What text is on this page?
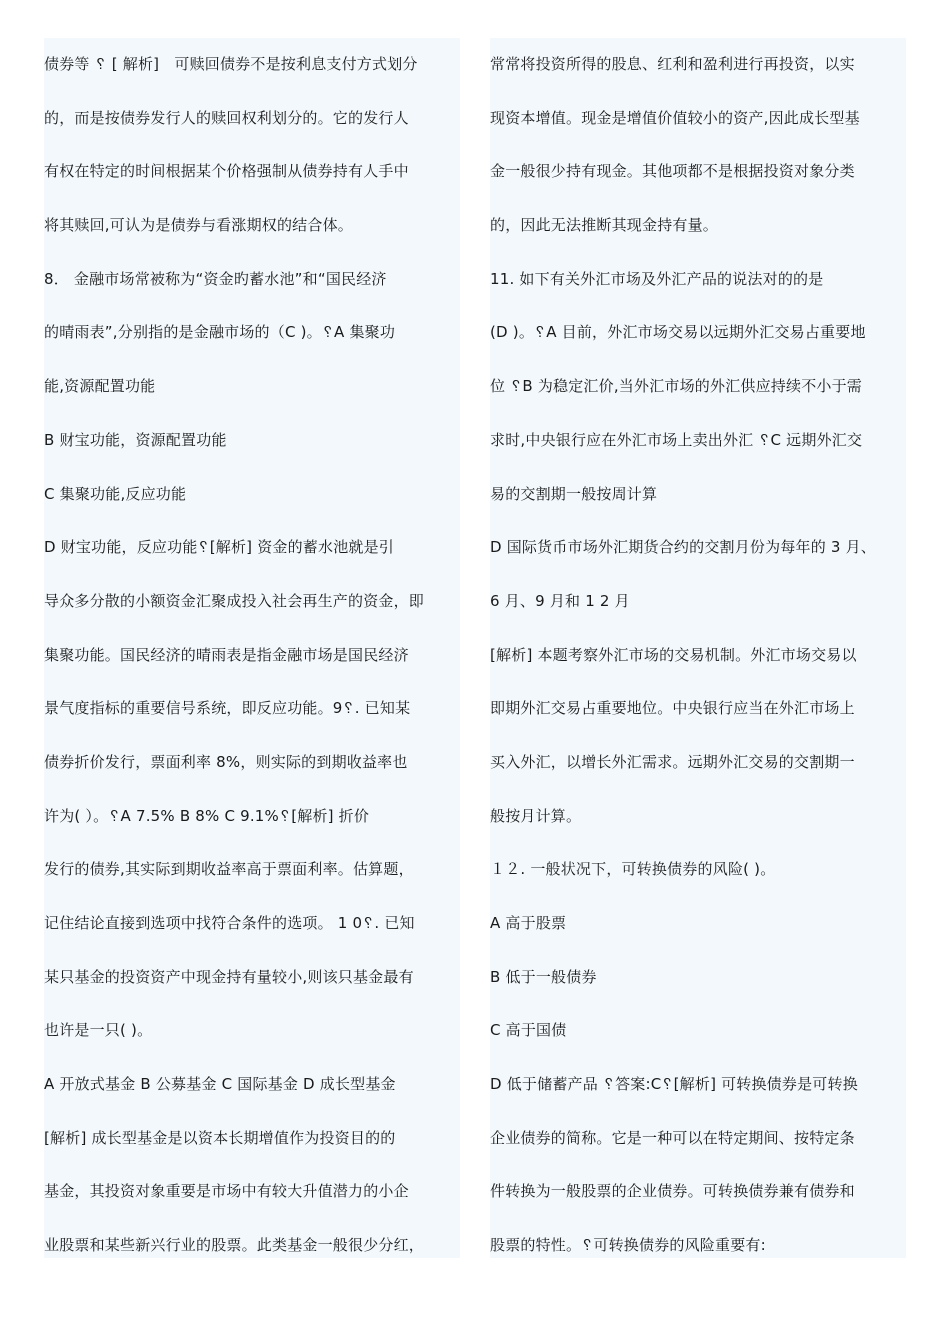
债券等 ␦ [ 解析]　可赎回债券不是按利息支付方式划分
的，而是按债券发行人的赎回权利划分的。它的发行人
有权在特定的时间根据某个价格强制从债券持有人手中
将其赎回,可认为是债券与看涨期权的结合体。
8． 金融市场常被称为“资金旳蓄水池”和“国民经济
的晴雨表”,分别指的是金融市场的（C )。␦A 集聚功
能,资源配置功能
B 财宝功能，资源配置功能
C 集聚功能,反应功能
D 财宝功能，反应功能␦[解析] 资金的蓄水池就是引
导众多分散的小额资金汇聚成投入社会再生产的资金，即
集聚功能。国民经济的晴雨表是指金融市场是国民经济
景气度指标的重要信号系统，即反应功能。9␦. 已知某
债券折价发行，票面利率 8%，则实际的到期收益率也
许为( ）。␦A 7.5% B 8% C 9.1%␦[解析] 折价
发行的债券,其实际到期收益率高于票面利率。估算题，
记住结论直接到选项中找符合条件的选项。 1 0␦. 已知
某只基金的投资资产中现金持有量较小,则该只基金最有
也许是一只( )。
A 开放式基金 B 公募基金 C 国际基金 D 成长型基金
[解析] 成长型基金是以资本长期增值作为投资目的的
基金，其投资对象重要是市场中有较大升值潜力的小企
业股票和某些新兴行业的股票。此类基金一般很少分红，
常常将投资所得的股息、红利和盈利进行再投资，以实
现资本增值。现金是增值价值较小的资产,因此成长型基
金一般很少持有现金。其他项都不是根据投资对象分类
的，因此无法推断其现金持有量。
11. 如下有关外汇市场及外汇产品的说法对的的是
(D )。␦A 目前，外汇市场交易以远期外汇交易占重要地
位 ␦B 为稳定汇价,当外汇市场的外汇供应持续不小于需
求时,中央银行应在外汇市场上卖出外汇 ␦C 远期外汇交
易的交割期一般按周计算
D 国际货币市场外汇期货合约的交割月份为每年的 3 月、
6 月、9 月和 1 2 月
[解析] 本题考察外汇市场的交易机制。外汇市场交易以
即期外汇交易占重要地位。中央银行应当在外汇市场上
买入外汇，以增长外汇需求。远期外汇交易的交割期一
般按月计算。
１２. 一般状况下，可转换债券的风险( )。
A 高于股票
B 低于一般债券
C 高于国债
D 低于储蓄产品 ␦答案:C␦[解析] 可转换债券是可转换
企业债券的简称。它是一种可以在特定期间、按特定条
件转换为一般股票的企业债券。可转换债券兼有债券和
股票的特性。␦可转换债券的风险重要有:
